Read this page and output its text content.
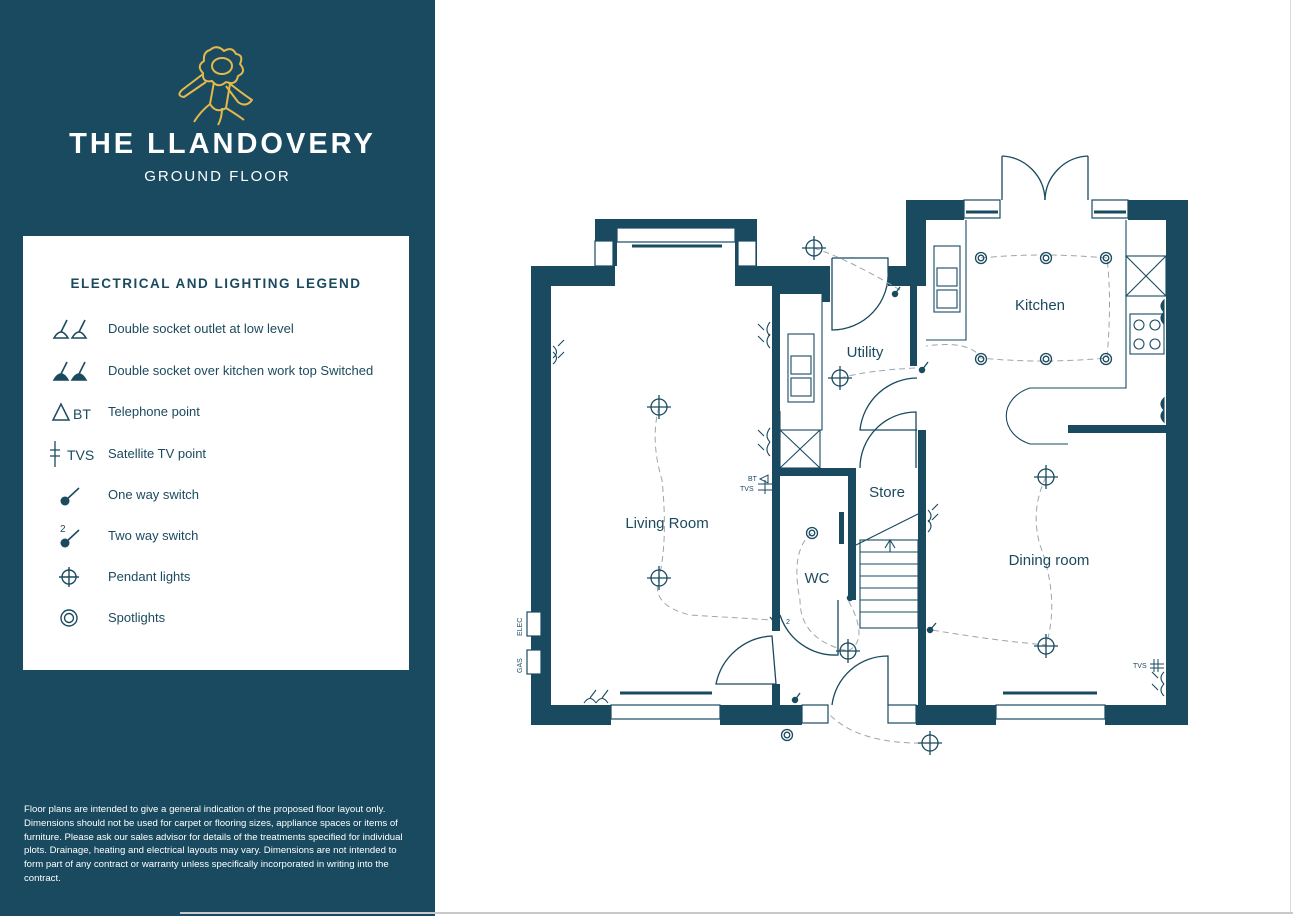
THE LLANDOVERY
GROUND FLOOR
ELECTRICAL AND LIGHTING LEGEND
Double socket outlet at low level
Double socket over kitchen work top Switched
BT Telephone point
TVS Satellite TV point
One way switch
2	Two way switch
Pendant lights
Spotlights
Floor plans are intended to give a general indication of the proposed floor layout only. Dimensions should not be used for carpet or flooring sizes, appliance spaces or items of furniture. Please ask our sales advisor for details of the treatments specified for individual plots. Drainage, heating and electrical layouts may vary. Dimensions are not intended to form part of any contract or warranty unless specifically incorporated in writing into the contract.
ELEC
GAS
2
BT
TVS
TVS
Living Room
Kitchen
Utility
Store
WC
Dining room
